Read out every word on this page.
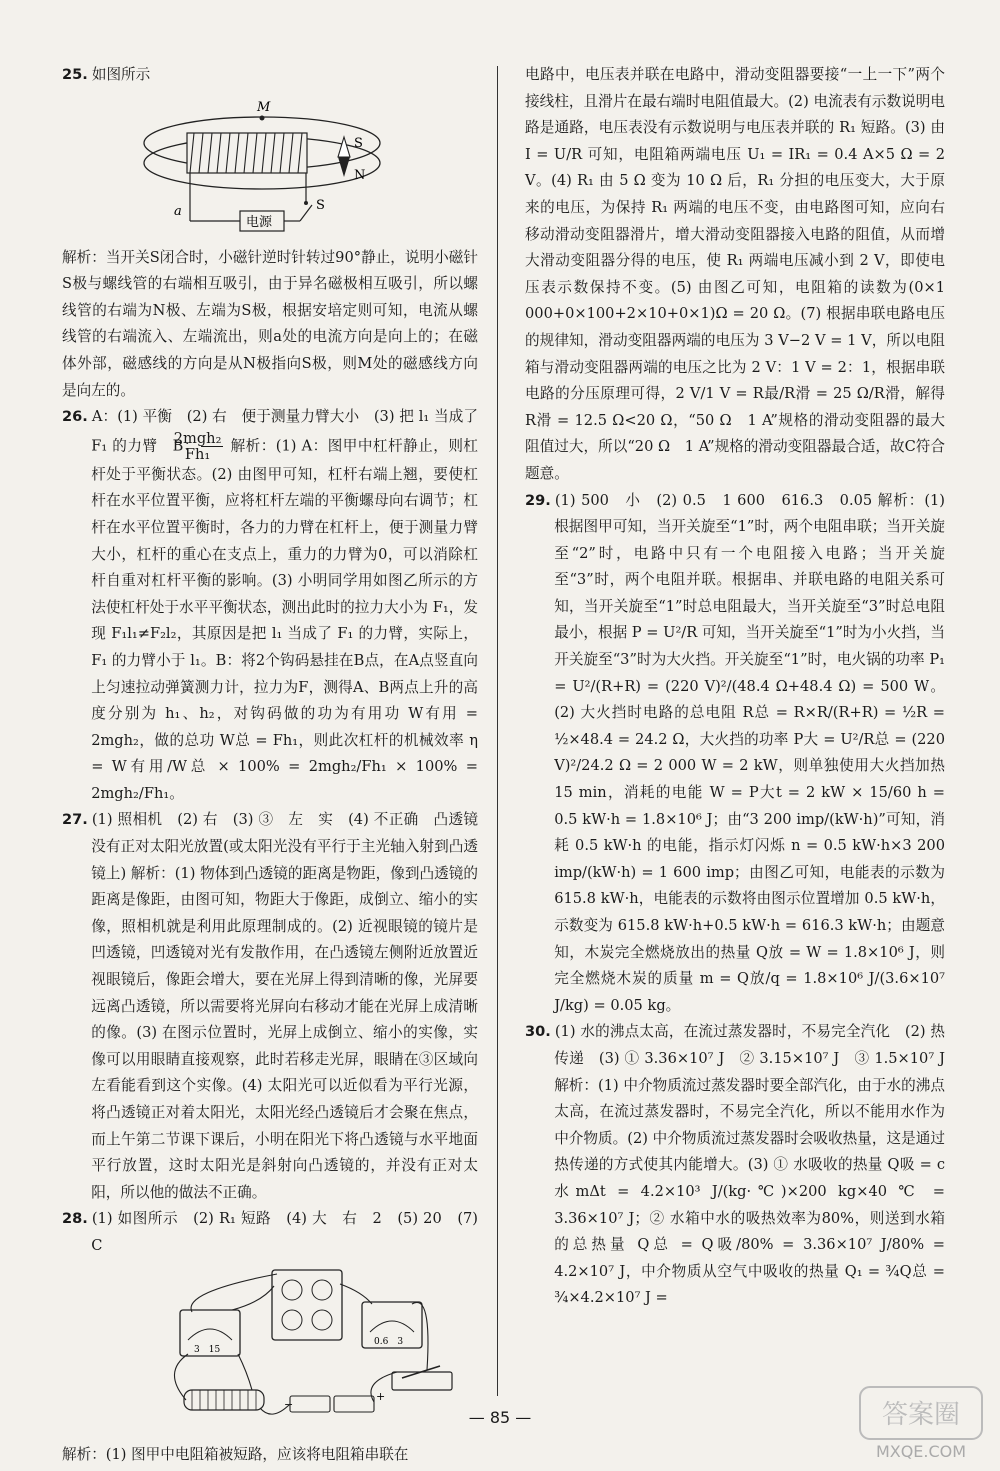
25. 如图所示
M
电源
a	S
S
N

解析：当开关S闭合时，小磁针逆时针转过90°静止，说明小磁针S极与螺线管的右端相互吸引，由于异名磁极相互吸引，所以螺线管的右端为N极、左端为S极，根据安培定则可知，电流从螺线管的右端流入、左端流出，则a处的电流方向是向上的；在磁体外部，磁感线的方向是从N极指向S极，则M处的磁感线方向是向左的。

26. A：(1) 平衡　(2) 右　便于测量力臂大小　(3) 把 l₁ 当成了 F₁ 的力臂　B： $\frac{\text{2mgh₂}}{\text{Fh₁}}$ 解析：(1) A：图甲中杠杆静止，则杠杆处于平衡状态。(2) 由图甲可知，杠杆右端上翘，要使杠杆在水平位置平衡，应将杠杆左端的平衡螺母向右调节；杠杆在水平位置平衡时，各力的力臂在杠杆上，便于测量力臂大小，杠杆的重心在支点上，重力的力臂为0，可以消除杠杆自重对杠杆平衡的影响。(3) 小明同学用如图乙所示的方法使杠杆处于水平平衡状态，测出此时的拉力大小为 F₁，发现 F₁l₁≠F₂l₂，其原因是把 l₁ 当成了 F₁ 的力臂，实际上，F₁ 的力臂小于 l₁。B：将2个钩码悬挂在B点，在A点竖直向上匀速拉动弹簧测力计，拉力为F，测得A、B两点上升的高度分别为 h₁、h₂，对钩码做的功为有用功 W有用 = 2mgh₂，做的总功 W总 = Fh₁，则此次杠杆的机械效率 η = W有用/W总 × 100% = 2mgh₂/Fh₁ × 100% = 2mgh₂/Fh₁。
27. (1) 照相机　(2) 右　(3) ③　左　实　(4) 不正确　凸透镜没有正对太阳光放置(或太阳光没有平行于主光轴入射到凸透镜上) 解析：(1) 物体到凸透镜的距离是物距，像到凸透镜的距离是像距，由图可知，物距大于像距，成倒立、缩小的实像，照相机就是利用此原理制成的。(2) 近视眼镜的镜片是凹透镜，凹透镜对光有发散作用，在凸透镜左侧附近放置近视眼镜后，像距会增大，要在光屏上得到清晰的像，光屏要远离凸透镜，所以需要将光屏向右移动才能在光屏上成清晰的像。(3) 在图示位置时，光屏上成倒立、缩小的实像，实像可以用眼睛直接观察，此时若移走光屏，眼睛在③区域向左看能看到这个实像。(4) 太阳光可以近似看为平行光源，将凸透镜正对着太阳光，太阳光经凸透镜后才会聚在焦点，而上午第二节课下课后，小明在阳光下将凸透镜与水平地面平行放置，这时太阳光是斜射向凸透镜的，并没有正对太阳，所以他的做法不正确。
28. (1) 如图所示　(2) R₁ 短路　(4) 大　右　2　(5) 20　(7) C
3　15
0.6　3
−
+

解析：(1) 图甲中电阻箱被短路，应该将电阻箱串联在

电路中，电压表并联在电路中，滑动变阻器要接“一上一下”两个接线柱，且滑片在最右端时电阻值最大。(2) 电流表有示数说明电路是通路，电压表没有示数说明与电压表并联的 R₁ 短路。(3) 由 I = U/R 可知，电阻箱两端电压 U₁ = IR₁ = 0.4 A×5 Ω = 2 V。(4) R₁ 由 5 Ω 变为 10 Ω 后，R₁ 分担的电压变大，大于原来的电压，为保持 R₁ 两端的电压不变，由电路图可知，应向右移动滑动变阻器滑片，增大滑动变阻器接入电路的阻值，从而增大滑动变阻器分得的电压，使 R₁ 两端电压减小到 2 V，即使电压表示数保持不变。(5) 由图乙可知，电阻箱的读数为(0×1 000+0×100+2×10+0×1)Ω = 20 Ω。(7) 根据串联电路电压的规律知，滑动变阻器两端的电压为 3 V−2 V = 1 V，所以电阻箱与滑动变阻器两端的电压之比为 2 V：1 V = 2：1，根据串联电路的分压原理可得，2 V/1 V = R最/R滑 = 25 Ω/R滑，解得 R滑 = 12.5 Ω<20 Ω，“50 Ω　1 A”规格的滑动变阻器的最大阻值过大，所以“20 Ω　1 A”规格的滑动变阻器最合适，故C符合题意。

29. (1) 500　小　(2) 0.5　1 600　616.3　0.05 解析：(1) 根据图甲可知，当开关旋至“1”时，两个电阻串联；当开关旋至“2”时，电路中只有一个电阻接入电路；当开关旋至“3”时，两个电阻并联。根据串、并联电路的电阻关系可知，当开关旋至“1”时总电阻最大，当开关旋至“3”时总电阻最小，根据 P = U²/R 可知，当开关旋至“1”时为小火挡，当开关旋至“3”时为大火挡。开关旋至“1”时，电火锅的功率 P₁ = U²/(R+R) = (220 V)²/(48.4 Ω+48.4 Ω) = 500 W。(2) 大火挡时电路的总电阻 R总 = R×R/(R+R) = ½R = ½×48.4 = 24.2 Ω，大火挡的功率 P大 = U²/R总 = (220 V)²/24.2 Ω = 2 000 W = 2 kW，则单独使用大火挡加热 15 min，消耗的电能 W = P大t = 2 kW × 15/60 h = 0.5 kW·h = 1.8×10⁶ J；由“3 200 imp/(kW·h)”可知，消耗 0.5 kW·h 的电能，指示灯闪烁 n = 0.5 kW·h×3 200 imp/(kW·h) = 1 600 imp；由图乙可知，电能表的示数为 615.8 kW·h，电能表的示数将由图示位置增加 0.5 kW·h，示数变为 615.8 kW·h+0.5 kW·h = 616.3 kW·h；由题意知，木炭完全燃烧放出的热量 Q放 = W = 1.8×10⁶ J，则完全燃烧木炭的质量 m = Q放/q = 1.8×10⁶ J/(3.6×10⁷ J/kg) = 0.05 kg。
30. (1) 水的沸点太高，在流过蒸发器时，不易完全汽化　(2) 热传递　(3) ① 3.36×10⁷ J　② 3.15×10⁷ J　③ 1.5×10⁷ J 解析：(1) 中介物质流过蒸发器时要全部汽化，由于水的沸点太高，在流过蒸发器时，不易完全汽化，所以不能用水作为中介物质。(2) 中介物质流过蒸发器时会吸收热量，这是通过热传递的方式使其内能增大。(3) ① 水吸收的热量 Q吸 = c水mΔt = 4.2×10³ J/(kg·℃)×200 kg×40 ℃ = 3.36×10⁷ J；② 水箱中水的吸热效率为80%，则送到水箱的总热量 Q总 = Q吸/80% = 3.36×10⁷ J/80% = 4.2×10⁷ J，中介物质从空气中吸收的热量 Q₁ = ¾Q总 = ¾×4.2×10⁷ J =
— 85 —	答案圈
MXQE.COM
